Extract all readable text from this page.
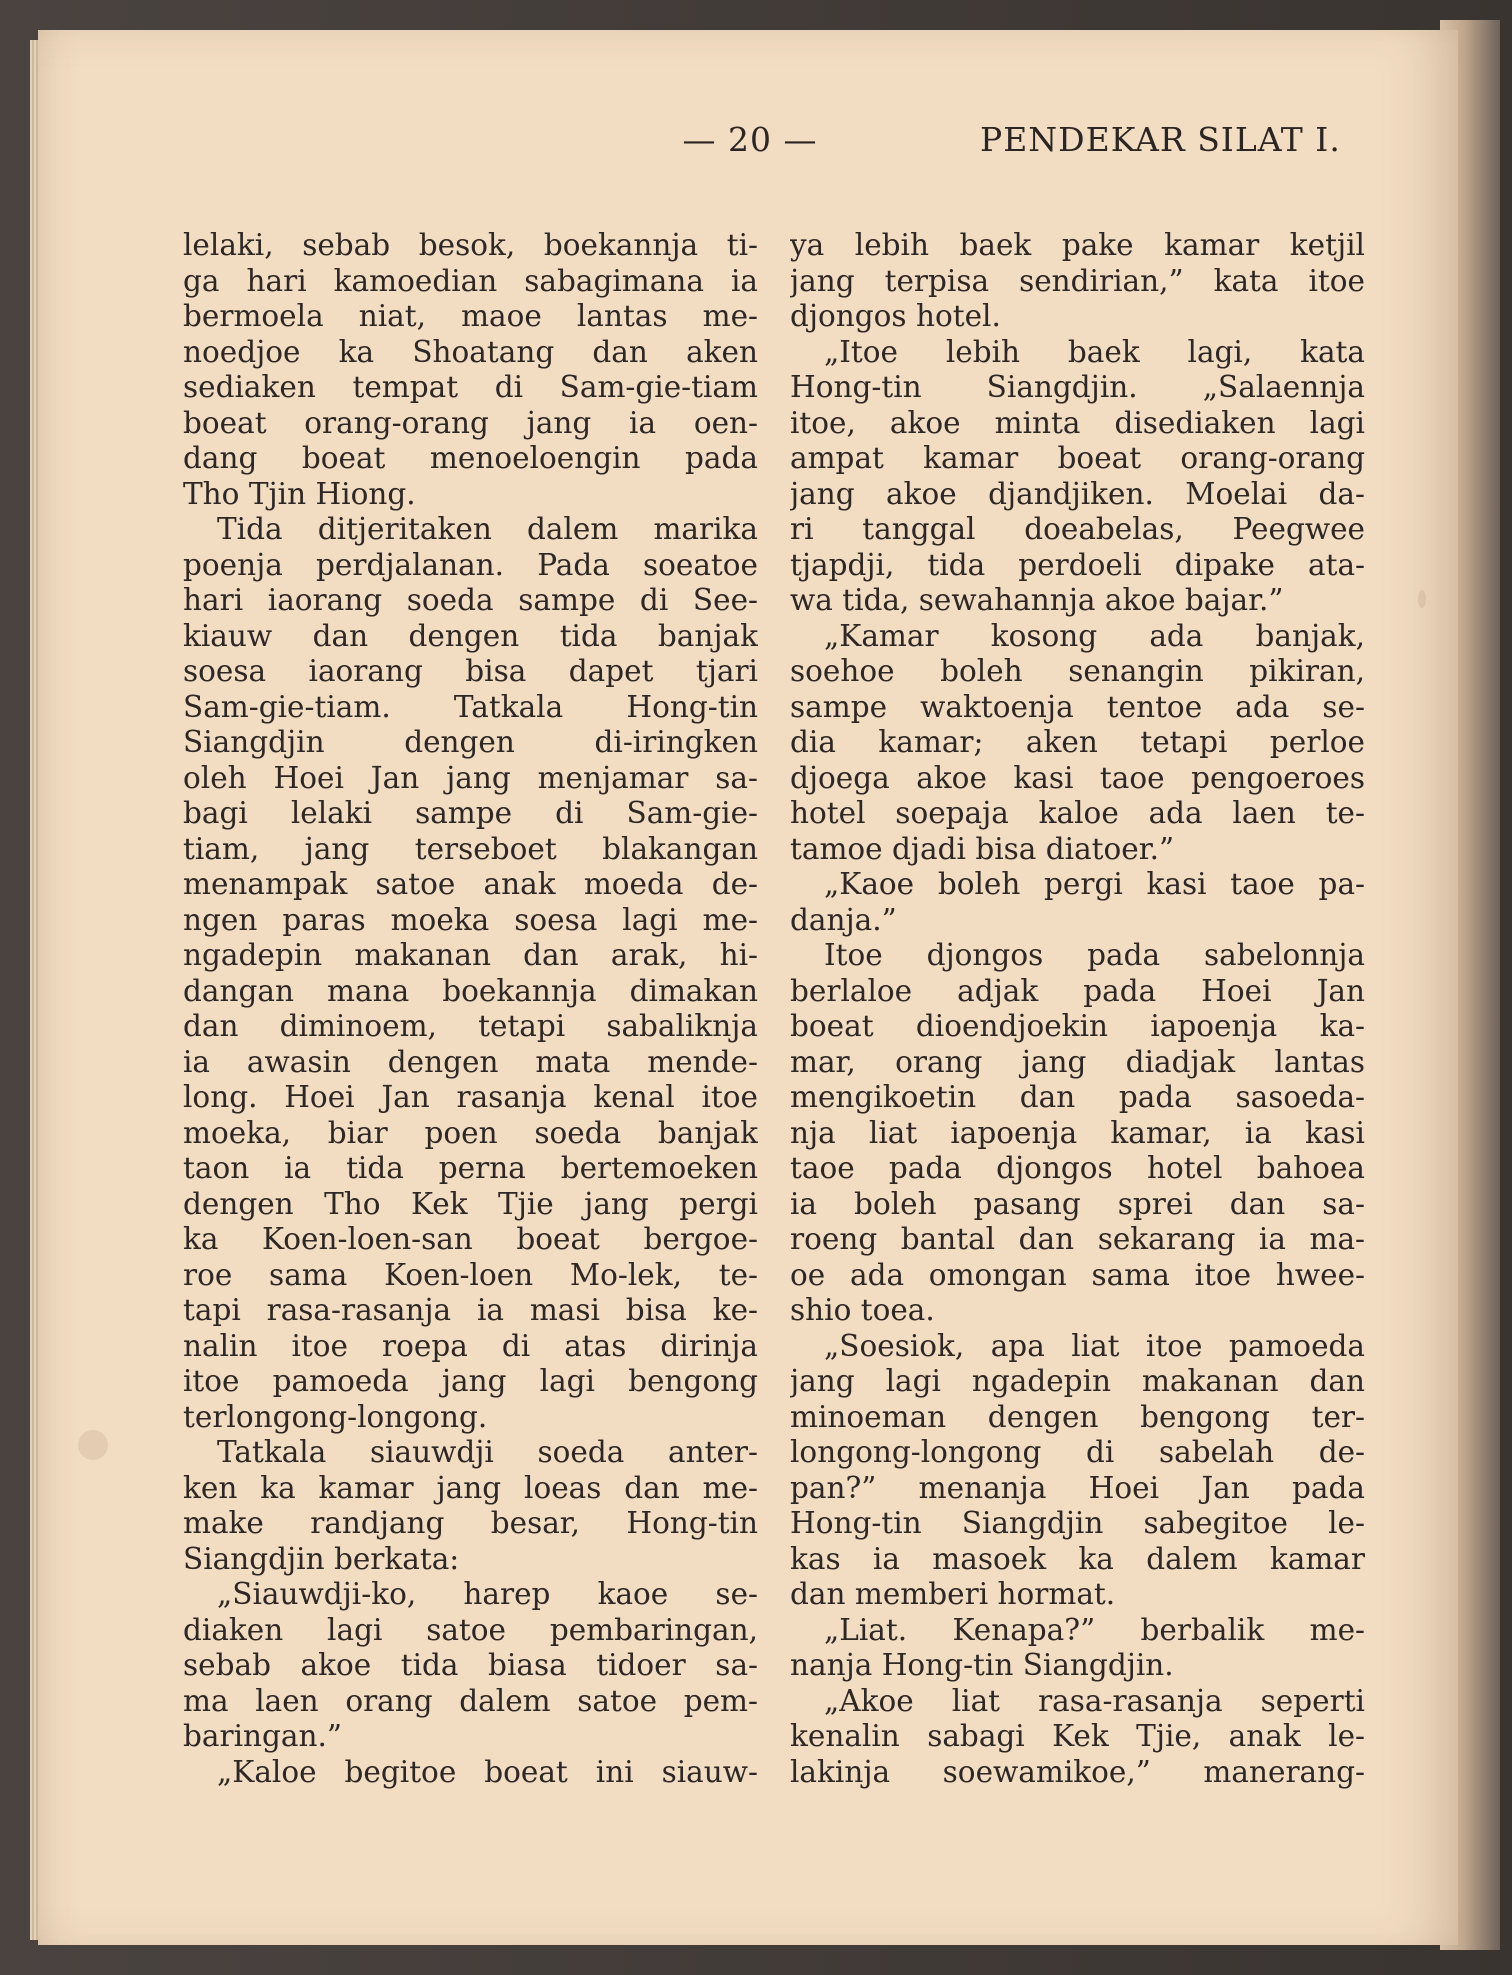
— 20 —	PENDEKAR SILAT I.
lelaki, sebab besok, boekannja ti-
ga hari kamoedian sabagimana ia
bermoela niat, maoe lantas me-
noedjoe ka Shoatang dan aken
sediaken tempat di Sam-gie-tiam
boeat orang-orang jang ia oen-
dang boeat menoeloengin pada
Tho Tjin Hiong.
Tida ditjeritaken dalem marika
poenja perdjalanan. Pada soeatoe
hari iaorang soeda sampe di See-
kiauw dan dengen tida banjak
soesa iaorang bisa dapet tjari
Sam-gie-tiam. Tatkala Hong-tin
Siangdjin dengen di-iringken
oleh Hoei Jan jang menjamar sa-
bagi lelaki sampe di Sam-gie-
tiam, jang terseboet blakangan
menampak satoe anak moeda de-
ngen paras moeka soesa lagi me-
ngadepin makanan dan arak, hi-
dangan mana boekannja dimakan
dan diminoem, tetapi sabaliknja
ia awasin dengen mata mende-
long. Hoei Jan rasanja kenal itoe
moeka, biar poen soeda banjak
taon ia tida perna bertemoeken
dengen Tho Kek Tjie jang pergi
ka Koen-loen-san boeat bergoe-
roe sama Koen-loen Mo-lek, te-
tapi rasa-rasanja ia masi bisa ke-
nalin itoe roepa di atas dirinja
itoe pamoeda jang lagi bengong
terlongong-longong.
Tatkala siauwdji soeda anter-
ken ka kamar jang loeas dan me-
make randjang besar, Hong-tin
Siangdjin berkata:
„Siauwdji-ko, harep kaoe se-
diaken lagi satoe pembaringan,
sebab akoe tida biasa tidoer sa-
ma laen orang dalem satoe pem-
baringan.”
„Kaloe begitoe boeat ini siauw-
ya lebih baek pake kamar ketjil
jang terpisa sendirian,” kata itoe
djongos hotel.
„Itoe lebih baek lagi, kata
Hong-tin Siangdjin. „Salaennja
itoe, akoe minta disediaken lagi
ampat kamar boeat orang-orang
jang akoe djandjiken. Moelai da-
ri tanggal doeabelas, Peegwee
tjapdji, tida perdoeli dipake ata-
wa tida, sewahannja akoe bajar.”
„Kamar kosong ada banjak,
soehoe boleh senangin pikiran,
sampe waktoenja tentoe ada se-
dia kamar; aken tetapi perloe
djoega akoe kasi taoe pengoeroes
hotel soepaja kaloe ada laen te-
tamoe djadi bisa diatoer.”
„Kaoe boleh pergi kasi taoe pa-
danja.”
Itoe djongos pada sabelonnja
berlaloe adjak pada Hoei Jan
boeat dioendjoekin iapoenja ka-
mar, orang jang diadjak lantas
mengikoetin dan pada sasoeda-
nja liat iapoenja kamar, ia kasi
taoe pada djongos hotel bahoea
ia boleh pasang sprei dan sa-
roeng bantal dan sekarang ia ma-
oe ada omongan sama itoe hwee-
shio toea.
„Soesiok, apa liat itoe pamoeda
jang lagi ngadepin makanan dan
minoeman dengen bengong ter-
longong-longong di sabelah de-
pan?” menanja Hoei Jan pada
Hong-tin Siangdjin sabegitoe le-
kas ia masoek ka dalem kamar
dan memberi hormat.
„Liat. Kenapa?” berbalik me-
nanja Hong-tin Siangdjin.
„Akoe liat rasa-rasanja seperti
kenalin sabagi Kek Tjie, anak le-
lakinja soewamikoe,” manerang-
